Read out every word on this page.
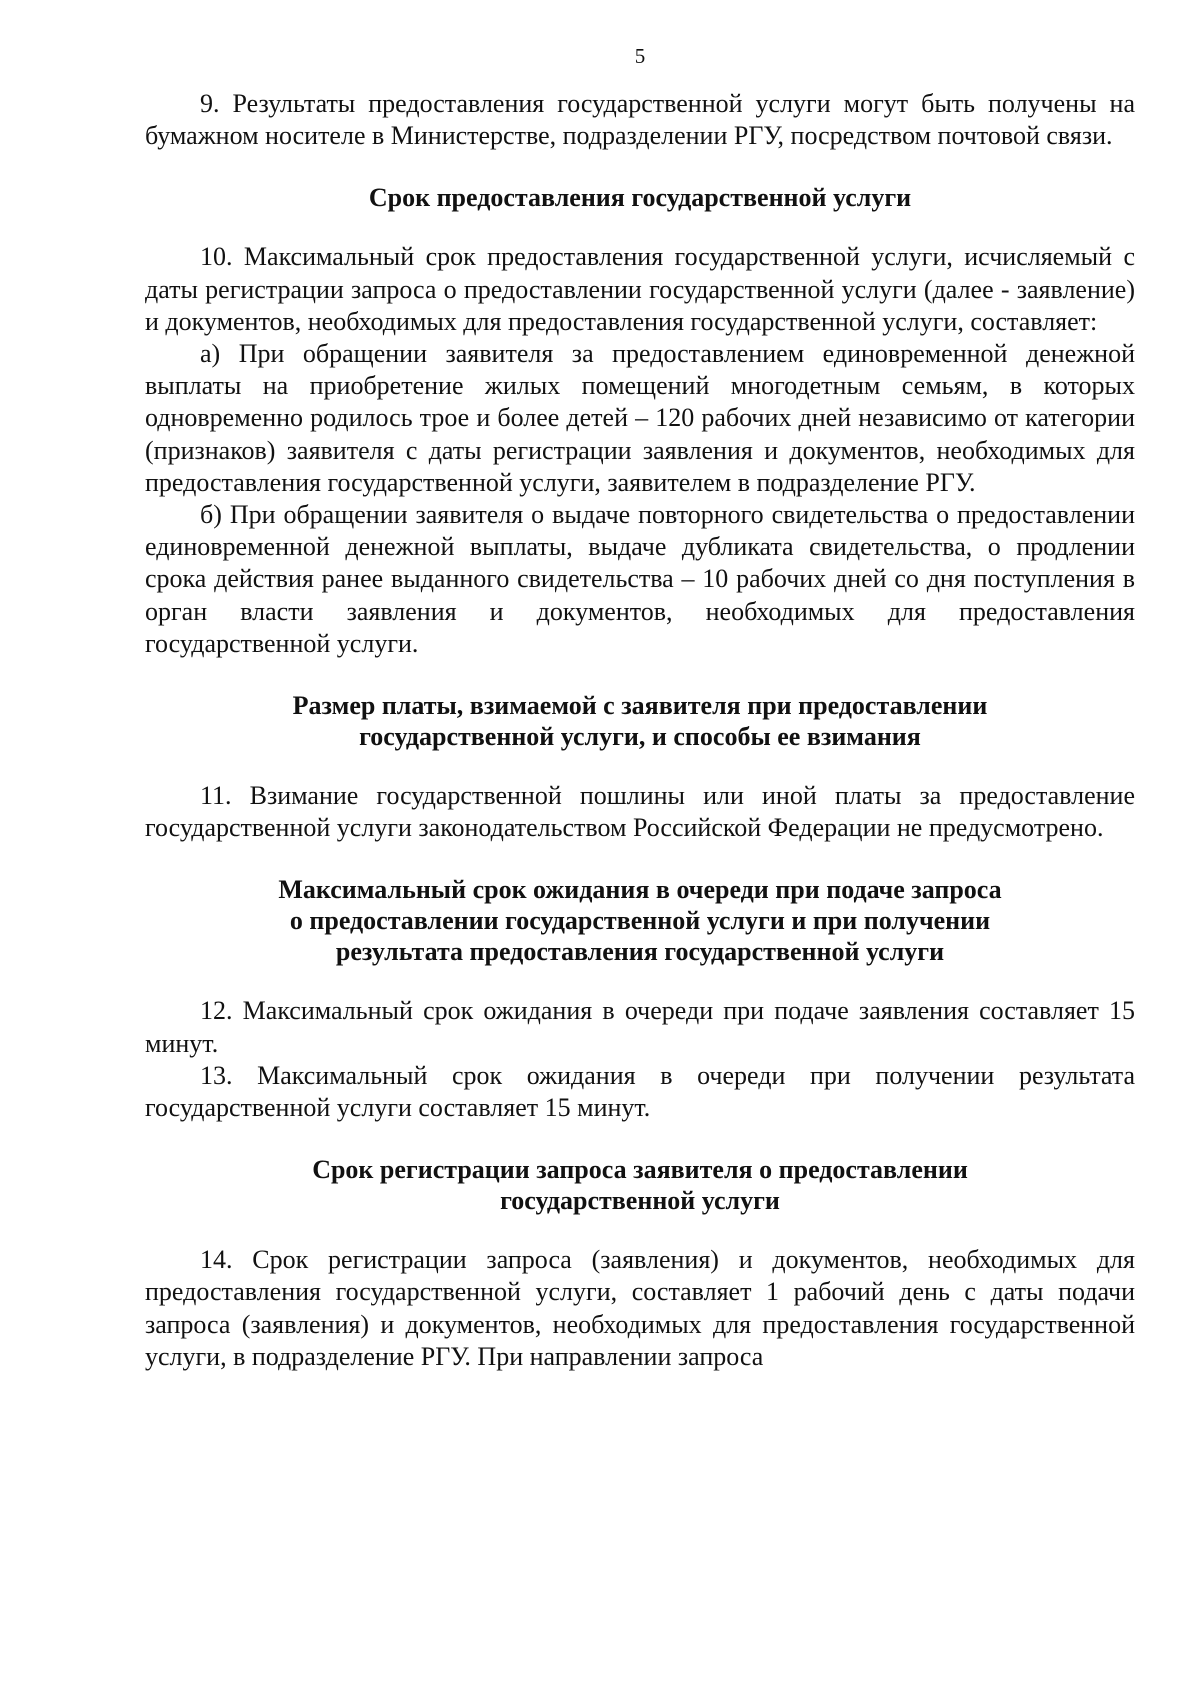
5

9. Результаты предоставления государственной услуги могут быть получены на бумажном носителе в Министерстве, подразделении РГУ, посредством почтовой связи.

Срок предоставления государственной услуги

10. Максимальный срок предоставления государственной услуги, исчисляемый с даты регистрации запроса о предоставлении государственной услуги (далее - заявление) и документов, необходимых для предоставления государственной услуги, составляет:

а) При обращении заявителя за предоставлением единовременной денежной выплаты на приобретение жилых помещений многодетным семьям, в которых одновременно родилось трое и более детей – 120 рабочих дней независимо от категории (признаков) заявителя с даты регистрации заявления и документов, необходимых для предоставления государственной услуги, заявителем в подразделение РГУ.

б) При обращении заявителя о выдаче повторного свидетельства о предоставлении единовременной денежной выплаты, выдаче дубликата свидетельства, о продлении срока действия ранее выданного свидетельства – 10 рабочих дней со дня поступления в орган власти заявления и документов, необходимых для предоставления государственной услуги.

Размер платы, взимаемой с заявителя при предоставлении
государственной услуги, и способы ее взимания

11. Взимание государственной пошлины или иной платы за предоставление государственной услуги законодательством Российской Федерации не предусмотрено.

Максимальный срок ожидания в очереди при подаче запроса
о предоставлении государственной услуги и при получении
результата предоставления государственной услуги

12. Максимальный срок ожидания в очереди при подаче заявления составляет 15 минут.

13. Максимальный срок ожидания в очереди при получении результата государственной услуги составляет 15 минут.

Срок регистрации запроса заявителя о предоставлении
государственной услуги

14. Срок регистрации запроса (заявления) и документов, необходимых для предоставления государственной услуги, составляет 1 рабочий день с даты подачи запроса (заявления) и документов, необходимых для предоставления государственной услуги, в подразделение РГУ. При направлении запроса
